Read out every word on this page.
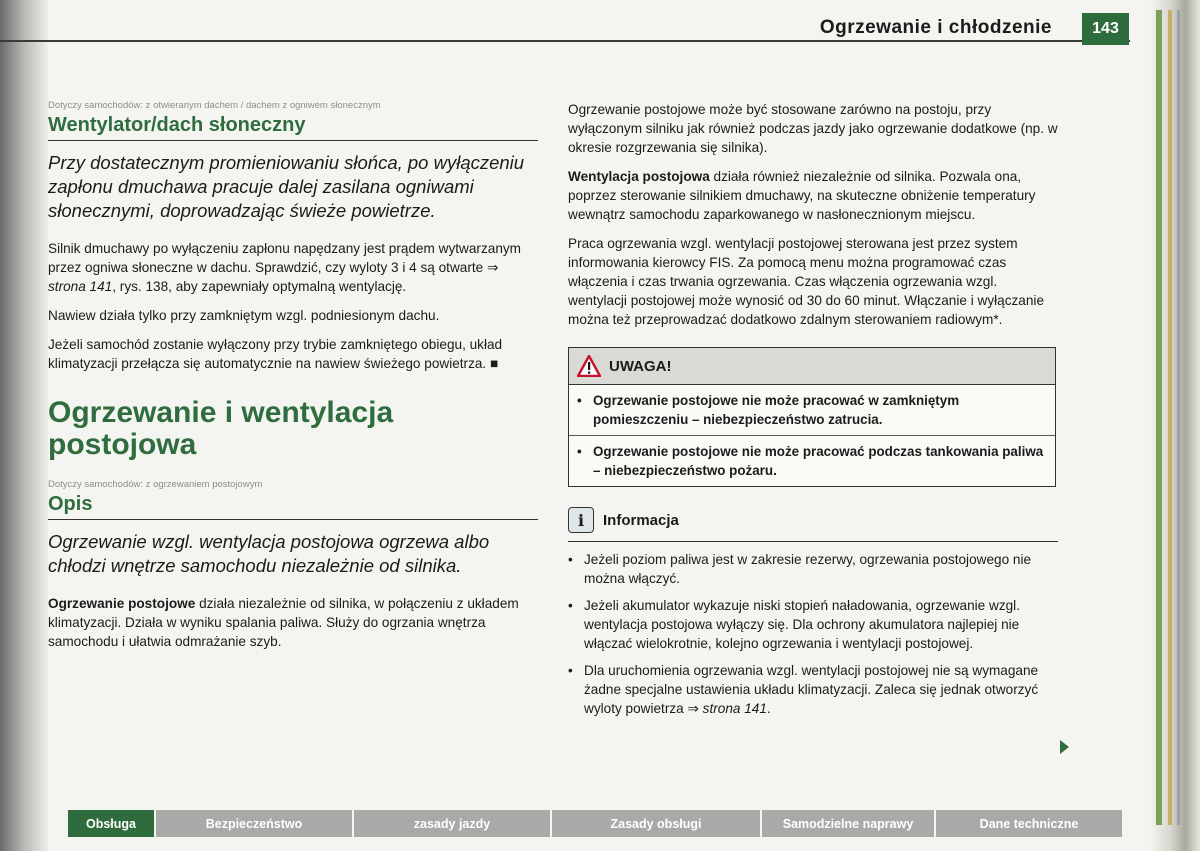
Ogrzewanie i chłodzenie	143
Dotyczy samochodów: z otwieranym dachem / dachem z ogniwem słonecznym
Wentylator/dach słoneczny
Przy dostatecznym promieniowaniu słońca, po wyłączeniu zapłonu dmuchawa pracuje dalej zasilana ogniwami słonecznymi, doprowadzając świeże powietrze.

Silnik dmuchawy po wyłączeniu zapłonu napędzany jest prądem wytwarzanym przez ogniwa słoneczne w dachu. Sprawdzić, czy wyloty 3 i 4 są otwarte ⇒ strona 141, rys. 138, aby zapewniały optymalną wentylację.

Nawiew działa tylko przy zamkniętym wzgl. podniesionym dachu.

Jeżeli samochód zostanie wyłączony przy trybie zamkniętego obiegu, układ klimatyzacji przełącza się automatycznie na nawiew świeżego powietrza. ■

Ogrzewanie i wentylacja postojowa
Dotyczy samochodów: z ogrzewaniem postojowym
Opis
Ogrzewanie wzgl. wentylacja postojowa ogrzewa albo chłodzi wnętrze samochodu niezależnie od silnika.

Ogrzewanie postojowe działa niezależnie od silnika, w połączeniu z układem klimatyzacji. Działa w wyniku spalania paliwa. Służy do ogrzania wnętrza samochodu i ułatwia odmrażanie szyb.

Ogrzewanie postojowe może być stosowane zarówno na postoju, przy wyłączonym silniku jak również podczas jazdy jako ogrzewanie dodatkowe (np. w okresie rozgrzewania się silnika).

Wentylacja postojowa działa również niezależnie od silnika. Pozwala ona, poprzez sterowanie silnikiem dmuchawy, na skuteczne obniżenie temperatury wewnątrz samochodu zaparkowanego w nasłonecznionym miejscu.

Praca ogrzewania wzgl. wentylacji postojowej sterowana jest przez system informowania kierowcy FIS. Za pomocą menu można programować czas włączenia i czas trwania ogrzewania. Czas włączenia ogrzewania wzgl. wentylacji postojowej może wynosić od 30 do 60 minut. Włączanie i wyłączanie można też przeprowadzać dodatkowo zdalnym sterowaniem radiowym*.

UWAGA!
• Ogrzewanie postojowe nie może pracować w zamkniętym pomieszczeniu – niebezpieczeństwo zatrucia.
• Ogrzewanie postojowe nie może pracować podczas tankowania paliwa – niebezpieczeństwo pożaru.
i	Informacja
• Jeżeli poziom paliwa jest w zakresie rezerwy, ogrzewania postojowego nie można włączyć.
• Jeżeli akumulator wykazuje niski stopień naładowania, ogrzewanie wzgl. wentylacja postojowa wyłączy się. Dla ochrony akumulatora najlepiej nie włączać wielokrotnie, kolejno ogrzewania i wentylacji postojowej.
• Dla uruchomienia ogrzewania wzgl. wentylacji postojowej nie są wymagane żadne specjalne ustawienia układu klimatyzacji. Zaleca się jednak otworzyć wyloty powietrza ⇒ strona 141.
Obsługa	Bezpieczeństwo	zasady jazdy	Zasady obsługi	Samodzielne naprawy	Dane techniczne
